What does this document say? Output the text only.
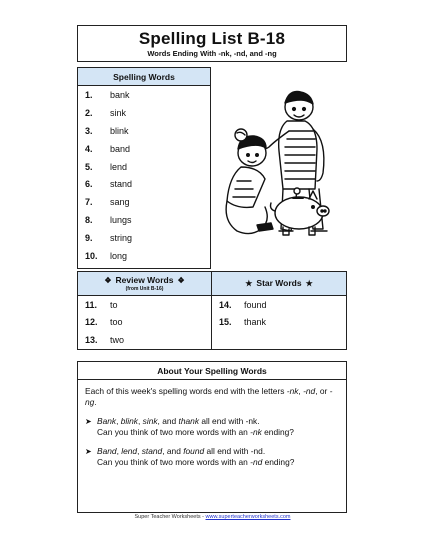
Spelling List B-18
Words Ending With -nk, -nd, and -ng
Spelling Words
1.	bank
2.	sink
3.	blink
4.	band
5.	lend
6.	stand
7.	sang
8.	lungs
9.	string
10.	long
❖ Review Words ❖
(from Unit B-16)
11.	to
12.	too
13.	two
★ Star Words ★
14.	found
15.	thank
About Your Spelling Words

Each of this week's spelling words end with the letters -nk, -nd, or -ng.

➤ Bank, blink, sink, and thank all end with -nk.
Can you think of two more words with an -nk ending?
➤ Band, lend, stand, and found all end with -nd.
Can you think of two more words with an -nd ending?
Super Teacher Worksheets - www.superteacherworksheets.com
